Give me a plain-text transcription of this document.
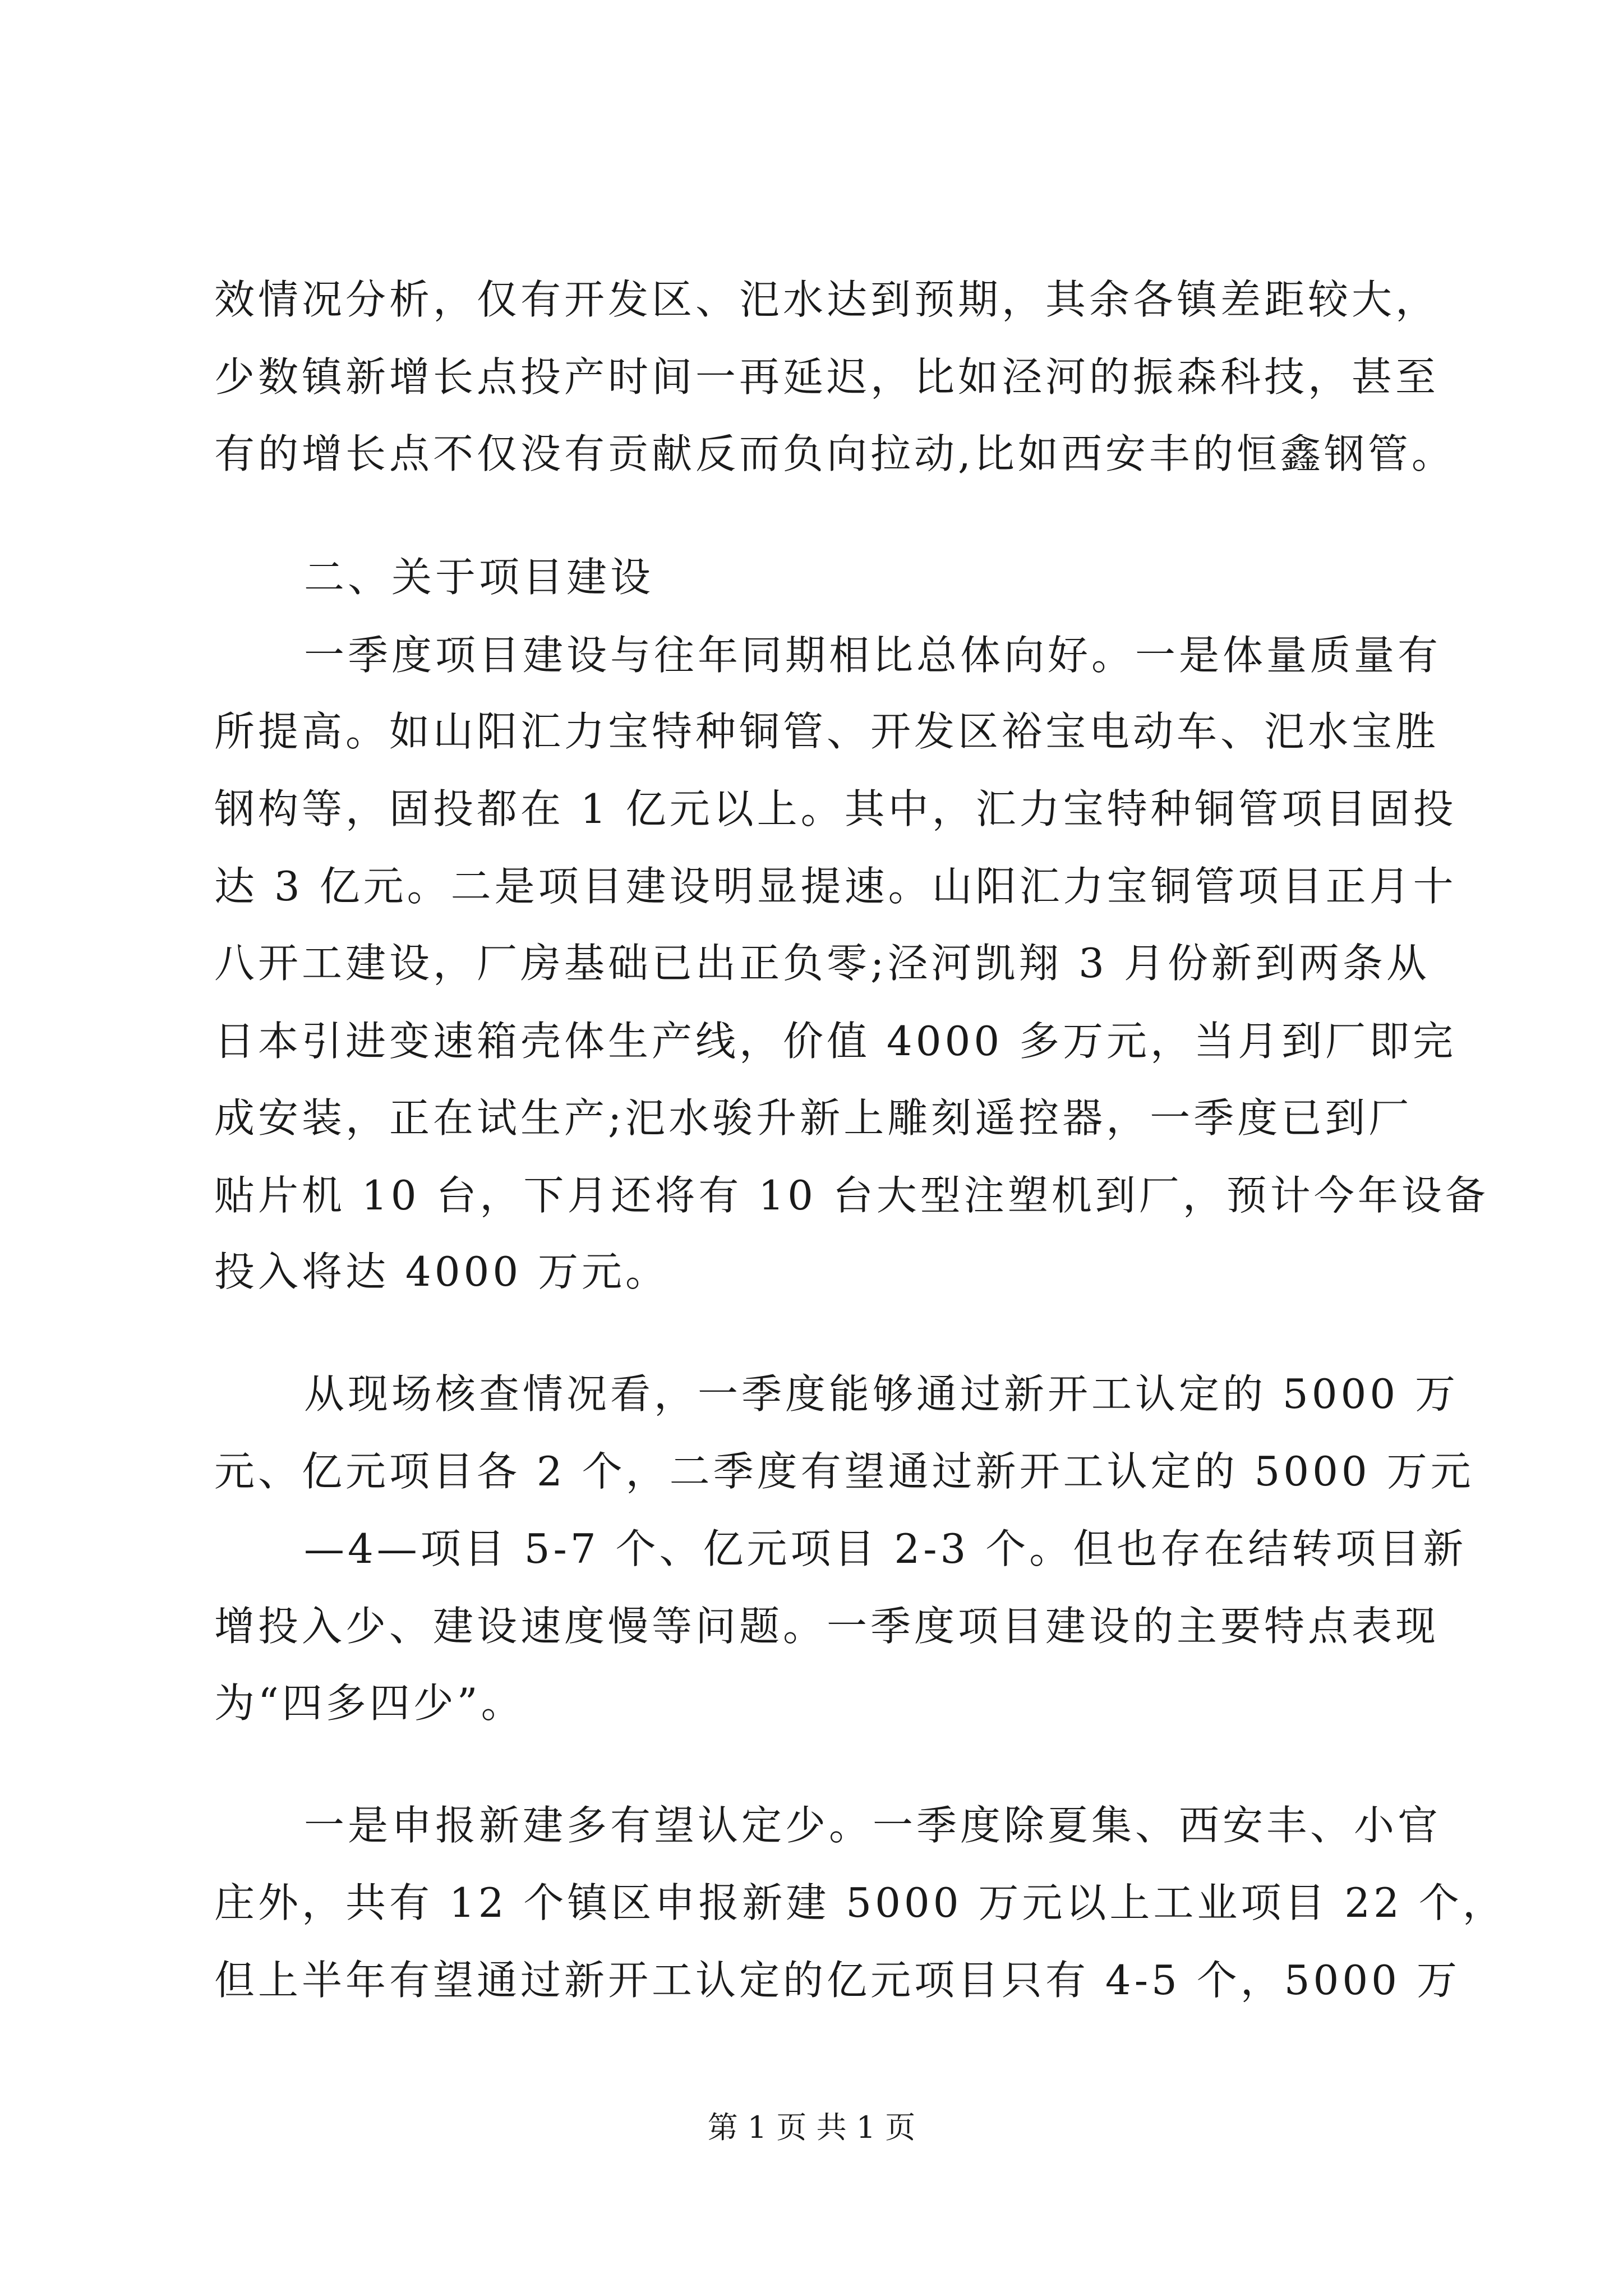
效情况分析，仅有开发区、汜水达到预期，其余各镇差距较大，
少数镇新增长点投产时间一再延迟，比如泾河的振森科技，甚至
有的增长点不仅没有贡献反而负向拉动,比如西安丰的恒鑫钢管。
二、关于项目建设
一季度项目建设与往年同期相比总体向好。一是体量质量有
所提高。如山阳汇力宝特种铜管、开发区裕宝电动车、汜水宝胜
钢构等，固投都在 1 亿元以上。其中，汇力宝特种铜管项目固投
达 3 亿元。二是项目建设明显提速。山阳汇力宝铜管项目正月十
八开工建设，厂房基础已出正负零;泾河凯翔 3 月份新到两条从
日本引进变速箱壳体生产线，价值 4000 多万元，当月到厂即完
成安装，正在试生产;汜水骏升新上雕刻遥控器，一季度已到厂
贴片机 10 台，下月还将有 10 台大型注塑机到厂，预计今年设备
投入将达 4000 万元。
从现场核查情况看，一季度能够通过新开工认定的 5000 万
元、亿元项目各 2 个，二季度有望通过新开工认定的 5000 万元
—4—项目 5-7 个、亿元项目 2-3 个。但也存在结转项目新
增投入少、建设速度慢等问题。一季度项目建设的主要特点表现
为“四多四少”。
一是申报新建多有望认定少。一季度除夏集、西安丰、小官
庄外，共有 12 个镇区申报新建 5000 万元以上工业项目 22 个，
但上半年有望通过新开工认定的亿元项目只有 4-5 个，5000 万
第 1 页 共 1 页
